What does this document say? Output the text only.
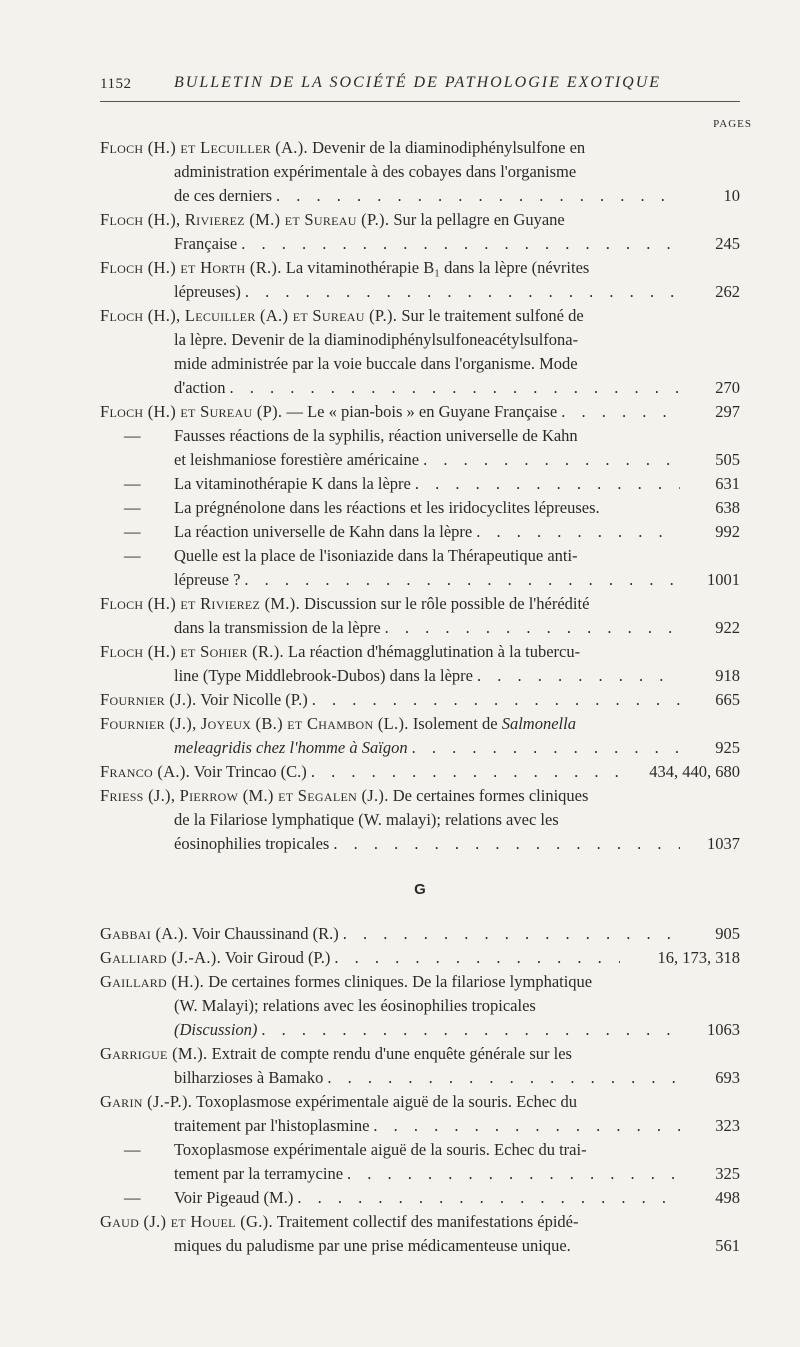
1152	BULLETIN DE LA SOCIÉTÉ DE PATHOLOGIE EXOTIQUE
PAGES
Floch (H.) et Lecuiller (A.). Devenir de la diaminodiphénylsulfone en
administration expérimentale à des cobayes dans l'organisme
de ces derniers . . .	10
Floch (H.), Rivierez (M.) et Sureau (P.). Sur la pellagre en Guyane
Française . . .	245
Floch (H.) et Horth (R.). La vitaminothérapie B₁ dans la lèpre (névrites
lépreuses) . . .	262
Floch (H.), Lecuiller (A.) et Sureau (P.). Sur le traitement sulfoné de
la lèpre. Devenir de la diaminodiphénylsulfoneacétylsulfona-
mide administrée par la voie buccale dans l'organisme. Mode
d'action . . .	270
Floch (H.) et Sureau (P). — Le « pian-bois » en Guyane Française . . .	297
— Fausses réactions de la syphilis, réaction universelle de Kahn
et leishmaniose forestière américaine . . .	505
— La vitaminothérapie K dans la lèpre . . .	631
— La prégnénolone dans les réactions et les iridocyclites lépreuses.	638
— La réaction universelle de Kahn dans la lèpre . . .	992
— Quelle est la place de l'isoniazide dans la Thérapeutique anti-
lépreuse ? . . .	1001
Floch (H.) et Rivierez (M.). Discussion sur le rôle possible de l'hérédité
dans la transmission de la lèpre . . .	922
Floch (H.) et Sohier (R.). La réaction d'hémagglutination à la tubercu-
line (Type Middlebrook-Dubos) dans la lèpre . . .	918
Fournier (J.). Voir Nicolle (P.) . . .	665
Fournier (J.), Joyeux (B.) et Chambon (L.). Isolement de Salmonella
meleagridis chez l'homme à Saïgon . . .	925
Franco (A.). Voir Trincao (C.) . . .	434, 440, 680
Friess (J.), Pierrow (M.) et Segalen (J.). De certaines formes cliniques
de la Filariose lymphatique (W. malayi); relations avec les
éosinophilies tropicales . . .	1037
G
Gabbai (A.). Voir Chaussinand (R.) . . .	905
Galliard (J.-A.). Voir Giroud (P.) . . .	16, 173, 318
Gaillard (H.). De certaines formes cliniques. De la filariose lymphatique
(W. Malayi); relations avec les éosinophilies tropicales
(Discussion) . . .	1063
Garrigue (M.). Extrait de compte rendu d'une enquête générale sur les
bilharzioses à Bamako . . .	693
Garin (J.-P.). Toxoplasmose expérimentale aiguë de la souris. Echec du
traitement par l'histoplasmine . . .	323
— Toxoplasmose expérimentale aiguë de la souris. Echec du trai-
tement par la terramycine . . .	325
— Voir Pigeaud (M.) . . .	498
Gaud (J.) et Houel (G.). Traitement collectif des manifestations épidé-
miques du paludisme par une prise médicamenteuse unique.	561
